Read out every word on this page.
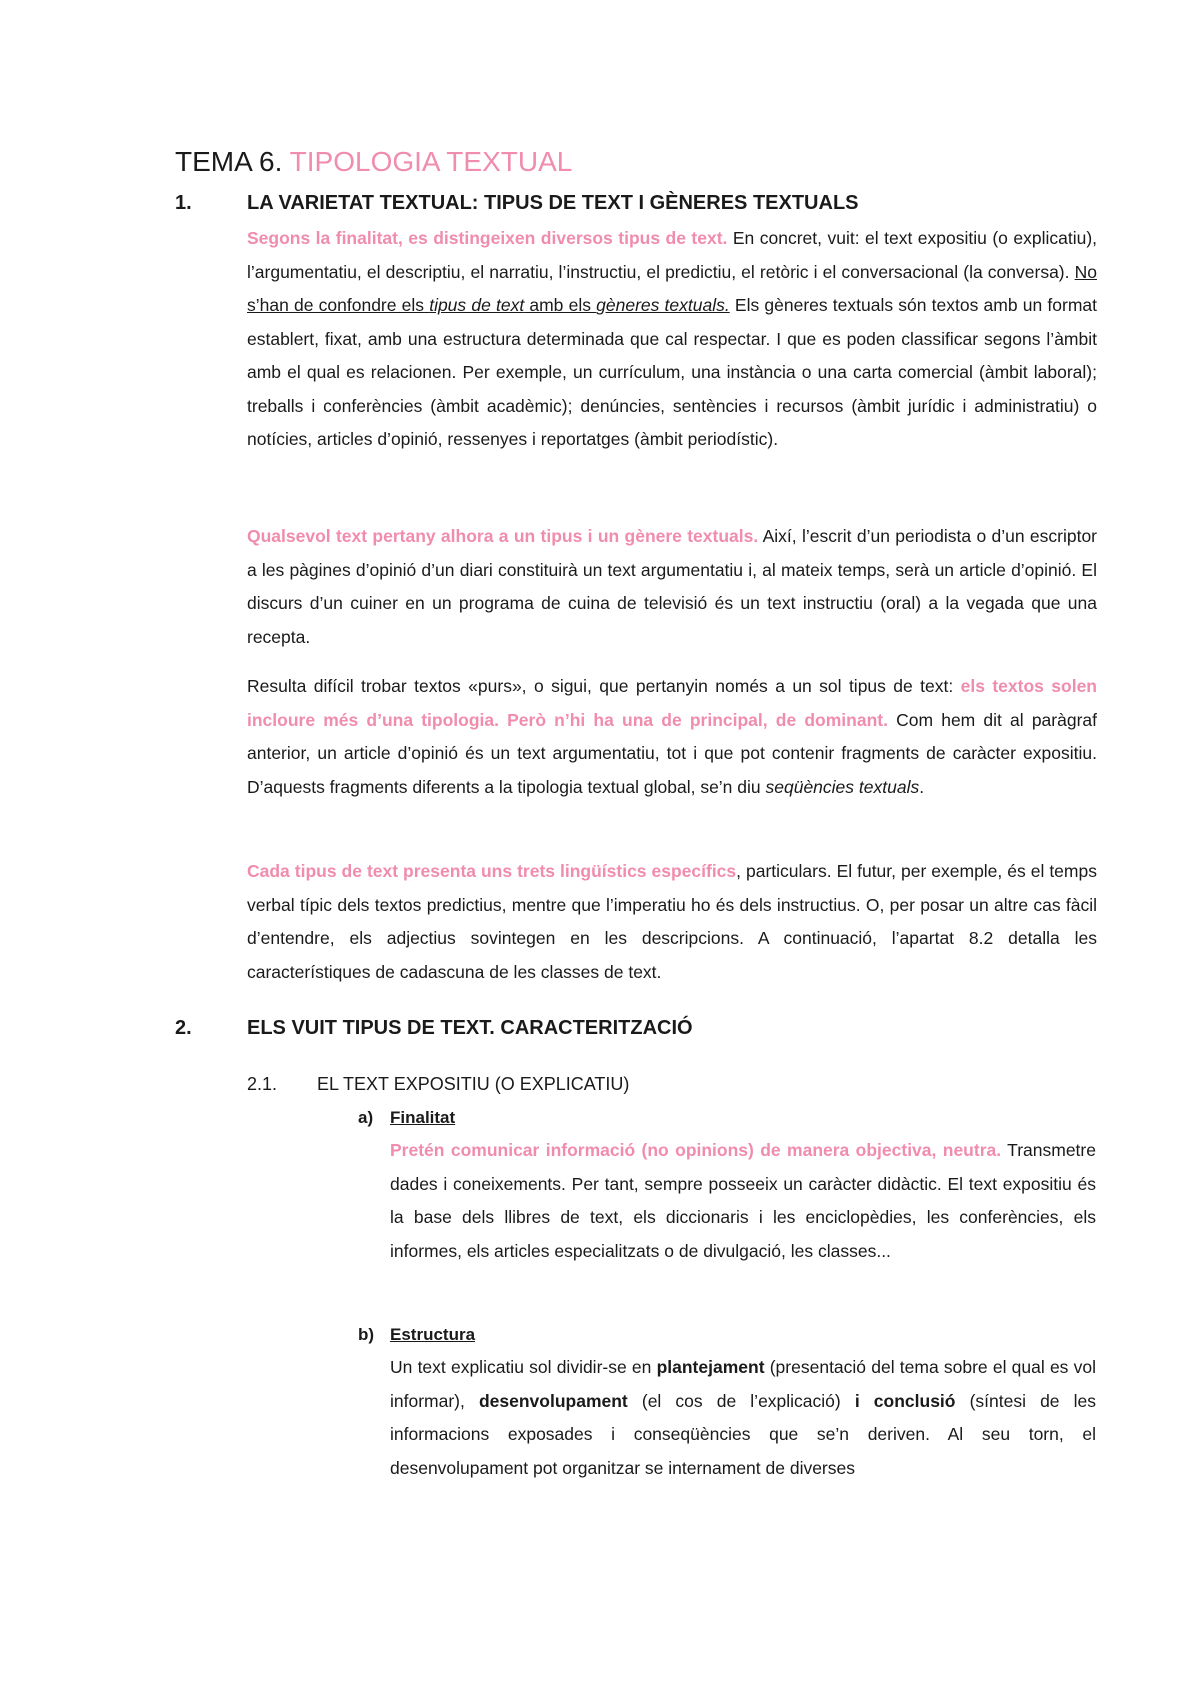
TEMA 6. TIPOLOGIA TEXTUAL
1.	LA VARIETAT TEXTUAL: TIPUS DE TEXT I GÈNERES TEXTUALS

Segons la finalitat, es distingeixen diversos tipus de text. En concret, vuit: el text expositiu (o explicatiu), l’argumentatiu, el descriptiu, el narratiu, l’instructiu, el predictiu, el retòric i el conversacional (la conversa). No s’han de confondre els tipus de text amb els gèneres textuals. Els gèneres textuals són textos amb un format establert, fixat, amb una estructura determinada que cal respectar. I que es poden classificar segons l’àmbit amb el qual es relacionen. Per exemple, un currículum, una instància o una carta comercial (àmbit laboral); treballs i conferències (àmbit acadèmic); denúncies, sentències i recursos (àmbit jurídic i administratiu) o notícies, articles d’opinió, ressenyes i reportatges (àmbit periodístic).

Qualsevol text pertany alhora a un tipus i un gènere textuals. Així, l’escrit d’un periodista o d’un escriptor a les pàgines d’opinió d’un diari constituirà un text argumentatiu i, al mateix temps, serà un article d’opinió. El discurs d’un cuiner en un programa de cuina de televisió és un text instructiu (oral) a la vegada que una recepta.

Resulta difícil trobar textos «purs», o sigui, que pertanyin només a un sol tipus de text: els textos solen incloure més d’una tipologia. Però n’hi ha una de principal, de dominant. Com hem dit al paràgraf anterior, un article d’opinió és un text argumentatiu, tot i que pot contenir fragments de caràcter expositiu. D’aquests fragments diferents a la tipologia textual global, se’n diu seqüències textuals.

Cada tipus de text presenta uns trets lingüístics específics, particulars. El futur, per exemple, és el temps verbal típic dels textos predictius, mentre que l’imperatiu ho és dels instructius. O, per posar un altre cas fàcil d’entendre, els adjectius sovintegen en les descripcions. A continuació, l’apartat 8.2 detalla les característiques de cadascuna de les classes de text.

2.	ELS VUIT TIPUS DE TEXT. CARACTERITZACIÓ
2.1. EL TEXT EXPOSITIU (O EXPLICATIU)
a) Finalitat

Pretén comunicar informació (no opinions) de manera objectiva, neutra. Transmetre dades i coneixements. Per tant, sempre posseeix un caràcter didàctic. El text expositiu és la base dels llibres de text, els diccionaris i les enciclopèdies, les conferències, els informes, els articles especialitzats o de divulgació, les classes...

b) Estructura

Un text explicatiu sol dividir-se en plantejament (presentació del tema sobre el qual es vol informar), desenvolupament (el cos de l’explicació) i conclusió (síntesi de les informacions exposades i conseqüències que se’n deriven. Al seu torn, el desenvolupament pot organitzar se internament de diverses
